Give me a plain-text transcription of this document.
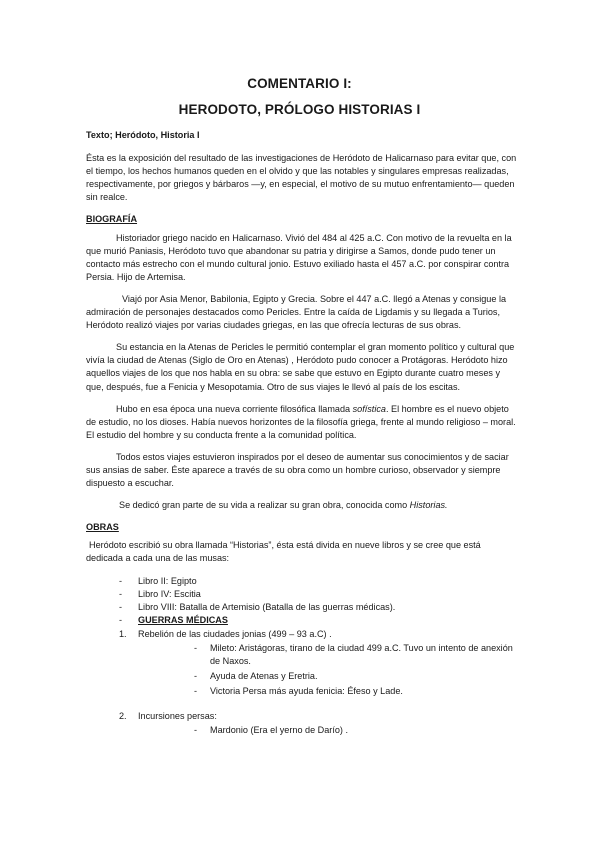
COMENTARIO I:
HERODOTO, PRÓLOGO HISTORIAS I

Texto; Heródoto, Historia I

Ésta es la exposición del resultado de las investigaciones de Heródoto de Halicarnaso para evitar que, con el tiempo, los hechos humanos queden en el olvido y que las notables y singulares empresas realizadas, respectivamente, por griegos y bárbaros —y, en especial, el motivo de su mutuo enfrentamiento— queden sin realce.

BIOGRAFÍA

Historiador griego nacido en Halicarnaso. Vivió del 484 al 425 a.C. Con motivo de la revuelta en la que murió Paniasis, Heródoto tuvo que abandonar su patria y dirigirse a Samos, donde pudo tener un contacto más estrecho con el mundo cultural jonio. Estuvo exiliado hasta el 457 a.C. por conspirar contra Persia. Hijo de Artemisa.

Viajó por Asia Menor, Babilonia, Egipto y Grecia. Sobre el 447 a.C. llegó a Atenas y consigue la admiración de personajes destacados como Pericles. Entre la caída de Ligdamis y su llegada a Turios, Heródoto realizó viajes por varias ciudades griegas, en las que ofrecía lecturas de sus obras.

Su estancia en la Atenas de Pericles le permitió contemplar el gran momento político y cultural que vivía la ciudad de Atenas (Siglo de Oro en Atenas) , Heródoto pudo conocer a Protágoras. Heródoto hizo aquellos viajes de los que nos habla en su obra: se sabe que estuvo en Egipto durante cuatro meses y que, después, fue a Fenicia y Mesopotamia. Otro de sus viajes le llevó al país de los escitas.

Hubo en esa época una nueva corriente filosófica llamada sofística. El hombre es el nuevo objeto de estudio, no los dioses. Había nuevos horizontes de la filosofía griega, frente al mundo religioso – moral. El estudio del hombre y su conducta frente a la comunidad política.

Todos estos viajes estuvieron inspirados por el deseo de aumentar sus conocimientos y de saciar sus ansias de saber. Éste aparece a través de su obra como un hombre curioso, observador y siempre dispuesto a escuchar.

Se dedicó gran parte de su vida a realizar su gran obra, conocida como Historias.

OBRAS

Heródoto escribió su obra llamada “Historias”, ésta está divida en nueve libros y se cree que está dedicada a cada una de las musas:

- Libro II: Egipto
- Libro IV: Escitia
- Libro VIII: Batalla de Artemisio (Batalla de las guerras médicas).
- GUERRAS MÉDICAS
1. Rebelión de las ciudades jonias (499 – 93 a.C) .
- Mileto: Aristágoras, tirano de la ciudad 499 a.C. Tuvo un intento de anexión de Naxos.
- Ayuda de Atenas y Eretria.
- Victoria Persa más ayuda fenicia: Éfeso y Lade.
2. Incursiones persas:
- Mardonio (Era el yerno de Darío) .
